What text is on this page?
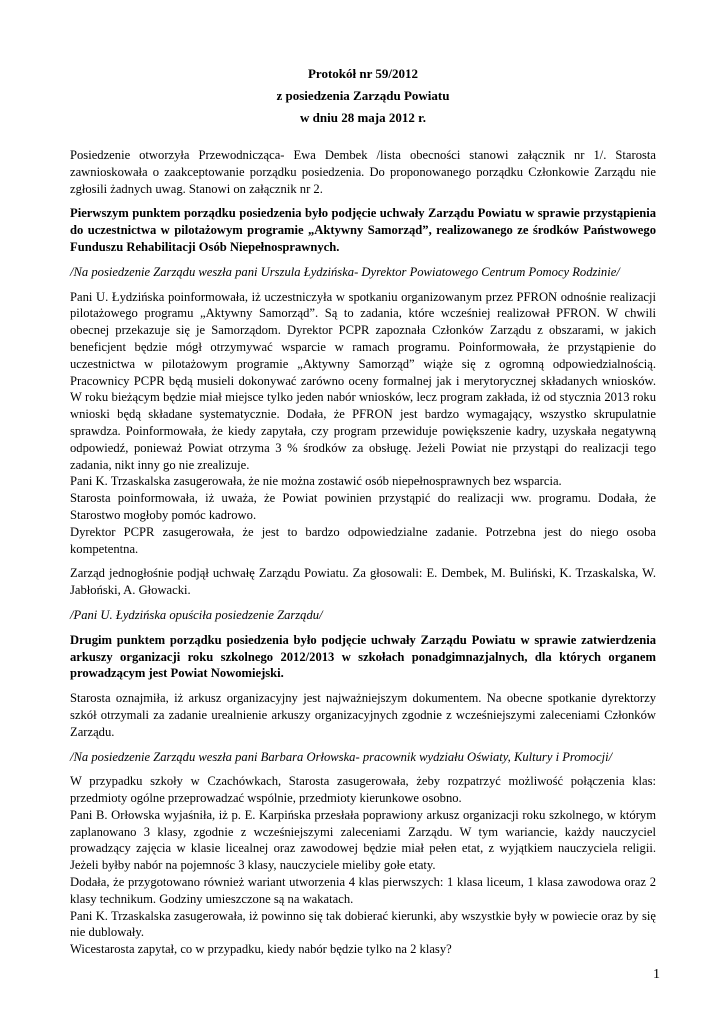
Protokół nr 59/2012

z posiedzenia Zarządu Powiatu

w dniu 28 maja 2012 r.

Posiedzenie otworzyła Przewodnicząca- Ewa Dembek /lista obecności stanowi załącznik nr 1/. Starosta zawnioskowała o zaakceptowanie porządku posiedzenia. Do proponowanego porządku Członkowie Zarządu nie zgłosili żadnych uwag. Stanowi on załącznik nr 2.

Pierwszym punktem porządku posiedzenia było podjęcie uchwały Zarządu Powiatu w sprawie przystąpienia do uczestnictwa w pilotażowym programie „Aktywny Samorząd”, realizowanego ze środków Państwowego Funduszu Rehabilitacji Osób Niepełnosprawnych.

/Na posiedzenie Zarządu weszła pani Urszula Łydzińska- Dyrektor Powiatowego Centrum Pomocy Rodzinie/

Pani U. Łydzińska poinformowała, iż uczestniczyła w spotkaniu organizowanym przez PFRON odnośnie realizacji pilotażowego programu „Aktywny Samorząd”. Są to zadania, które wcześniej realizował PFRON. W chwili obecnej przekazuje się je Samorządom. Dyrektor PCPR zapoznała Członków Zarządu z obszarami, w jakich beneficjent będzie mógł otrzymywać wsparcie w ramach programu. Poinformowała, że przystąpienie do uczestnictwa w pilotażowym programie „Aktywny Samorząd” wiąże się z ogromną odpowiedzialnością. Pracownicy PCPR będą musieli dokonywać zarówno oceny formalnej jak i merytorycznej składanych wniosków. W roku bieżącym będzie miał miejsce tylko jeden nabór wniosków, lecz program zakłada, iż od stycznia 2013 roku wnioski będą składane systematycznie. Dodała, że PFRON jest bardzo wymagający, wszystko skrupulatnie sprawdza. Poinformowała, że kiedy zapytała, czy program przewiduje powiększenie kadry, uzyskała negatywną odpowiedź, ponieważ Powiat otrzyma 3 % środków za obsługę. Jeżeli Powiat nie przystąpi do realizacji tego zadania, nikt inny go nie zrealizuje.

Pani K. Trzaskalska zasugerowała, że nie można zostawić osób niepełnosprawnych bez wsparcia.

Starosta poinformowała, iż uważa, że Powiat powinien przystąpić do realizacji ww. programu. Dodała, że Starostwo mogłoby pomóc kadrowo.

Dyrektor PCPR zasugerowała, że jest to bardzo odpowiedzialne zadanie. Potrzebna jest do niego osoba kompetentna.

Zarząd jednogłośnie podjął uchwałę Zarządu Powiatu. Za głosowali: E. Dembek, M. Buliński, K. Trzaskalska, W. Jabłoński, A. Głowacki.

/Pani U. Łydzińska opuściła posiedzenie Zarządu/

Drugim punktem porządku posiedzenia było podjęcie uchwały Zarządu Powiatu w sprawie zatwierdzenia arkuszy organizacji roku szkolnego 2012/2013 w szkołach ponadgimnazjalnych, dla których organem prowadzącym jest Powiat Nowomiejski.

Starosta oznajmiła, iż arkusz organizacyjny jest najważniejszym dokumentem. Na obecne spotkanie dyrektorzy szkół otrzymali za zadanie urealnienie arkuszy organizacyjnych zgodnie z wcześniejszymi zaleceniami Członków Zarządu.

/Na posiedzenie Zarządu weszła pani Barbara Orłowska- pracownik wydziału Oświaty, Kultury i Promocji/

W przypadku szkoły w Czachówkach, Starosta zasugerowała, żeby rozpatrzyć możliwość połączenia klas: przedmioty ogólne przeprowadzać wspólnie, przedmioty kierunkowe osobno.

Pani B. Orłowska wyjaśniła, iż p. E. Karpińska przesłała poprawiony arkusz organizacji roku szkolnego, w którym zaplanowano 3 klasy, zgodnie z wcześniejszymi zaleceniami Zarządu. W tym wariancie, każdy nauczyciel prowadzący zajęcia w klasie licealnej oraz zawodowej będzie miał pełen etat, z wyjątkiem nauczyciela religii. Jeżeli byłby nabór na pojemnośc 3 klasy, nauczyciele mieliby gołe etaty.

Dodała, że przygotowano również wariant utworzenia 4 klas pierwszych: 1 klasa liceum, 1 klasa zawodowa oraz 2 klasy technikum. Godziny umieszczone są na wakatach.

Pani K. Trzaskalska zasugerowała, iż powinno się tak dobierać kierunki, aby wszystkie były w powiecie oraz by się nie dublowały.

Wicestarosta zapytał, co w przypadku, kiedy nabór będzie tylko na 2 klasy?

1
